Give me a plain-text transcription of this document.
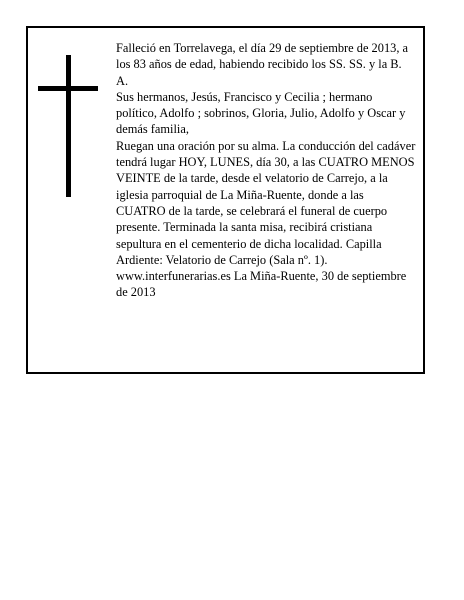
Falleció en Torrelavega, el día 29 de septiembre de 2013, a los 83 años de edad, habiendo recibido los SS. SS. y la B. A.

Sus hermanos, Jesús, Francisco y Cecilia ; hermano político, Adolfo ; sobrinos, Gloria, Julio, Adolfo y Oscar y demás familia,

Ruegan una oración por su alma. La conducción del cadáver tendrá lugar HOY, LUNES, día 30, a las CUATRO MENOS VEINTE de la tarde, desde el velatorio de Carrejo, a la iglesia parroquial de La Miña-Ruente, donde a las CUATRO de la tarde, se celebrará el funeral de cuerpo presente. Terminada la santa misa, recibirá cristiana sepultura en el cementerio de dicha localidad. Capilla Ardiente: Velatorio de Carrejo (Sala nº. 1).

www.interfunerarias.es La Miña-Ruente, 30 de septiembre de 2013
